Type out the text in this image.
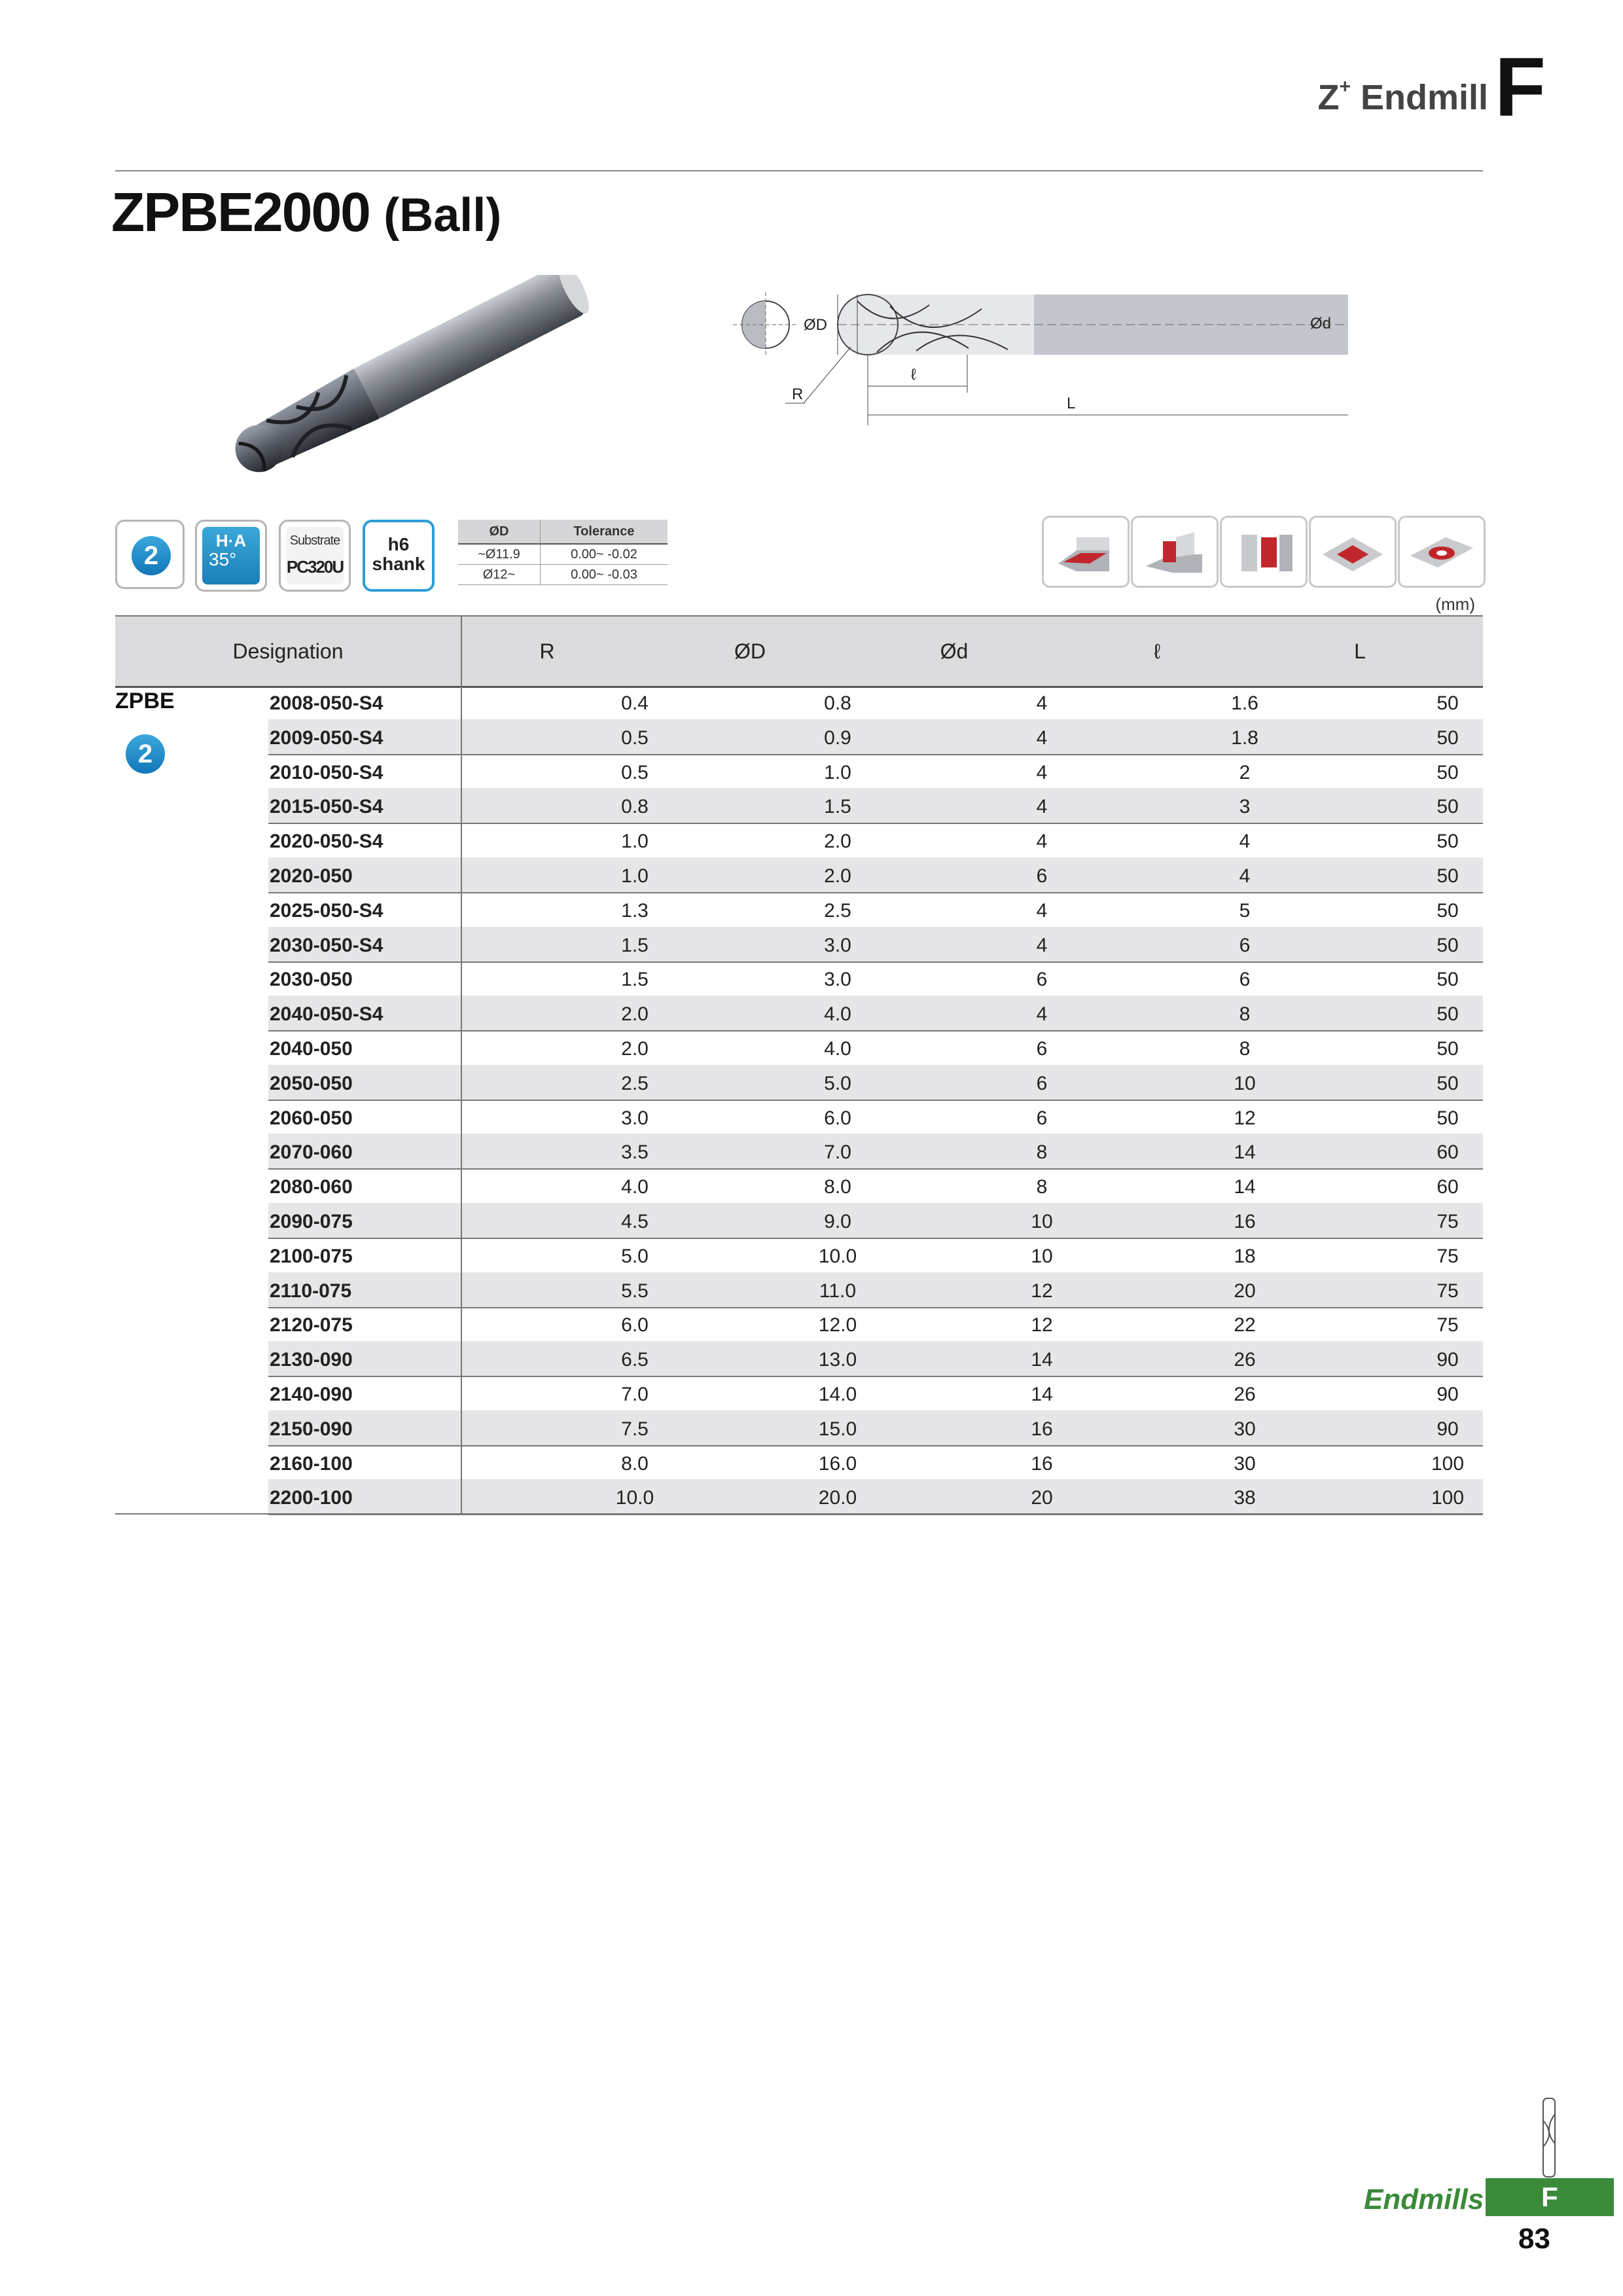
Z+ Endmill F
ZPBE2000 (Ball)
ØD	Ød
ℓ
L
R
2
H·A
35°
Substrate
PC320U
h6
shank
ØD	Tolerance
~Ø11.9	0.00~ -0.02
Ø12~	0.00~ -0.03
(mm)
Designation	R	ØD	Ød	ℓ	L
ZPBE
2
2008-050-S4	0.4	0.8	4	1.6	50
2009-050-S4	0.5	0.9	4	1.8	50
2010-050-S4	0.5	1.0	4	2	50
2015-050-S4	0.8	1.5	4	3	50
2020-050-S4	1.0	2.0	4	4	50
2020-050	1.0	2.0	6	4	50
2025-050-S4	1.3	2.5	4	5	50
2030-050-S4	1.5	3.0	4	6	50
2030-050	1.5	3.0	6	6	50
2040-050-S4	2.0	4.0	4	8	50
2040-050	2.0	4.0	6	8	50
2050-050	2.5	5.0	6	10	50
2060-050	3.0	6.0	6	12	50
2070-060	3.5	7.0	8	14	60
2080-060	4.0	8.0	8	14	60
2090-075	4.5	9.0	10	16	75
2100-075	5.0	10.0	10	18	75
2110-075	5.5	11.0	12	20	75
2120-075	6.0	12.0	12	22	75
2130-090	6.5	13.0	14	26	90
2140-090	7.0	14.0	14	26	90
2150-090	7.5	15.0	16	30	90
2160-100	8.0	16.0	16	30	100
2200-100	10.0	20.0	20	38	100
Endmills	F
83
